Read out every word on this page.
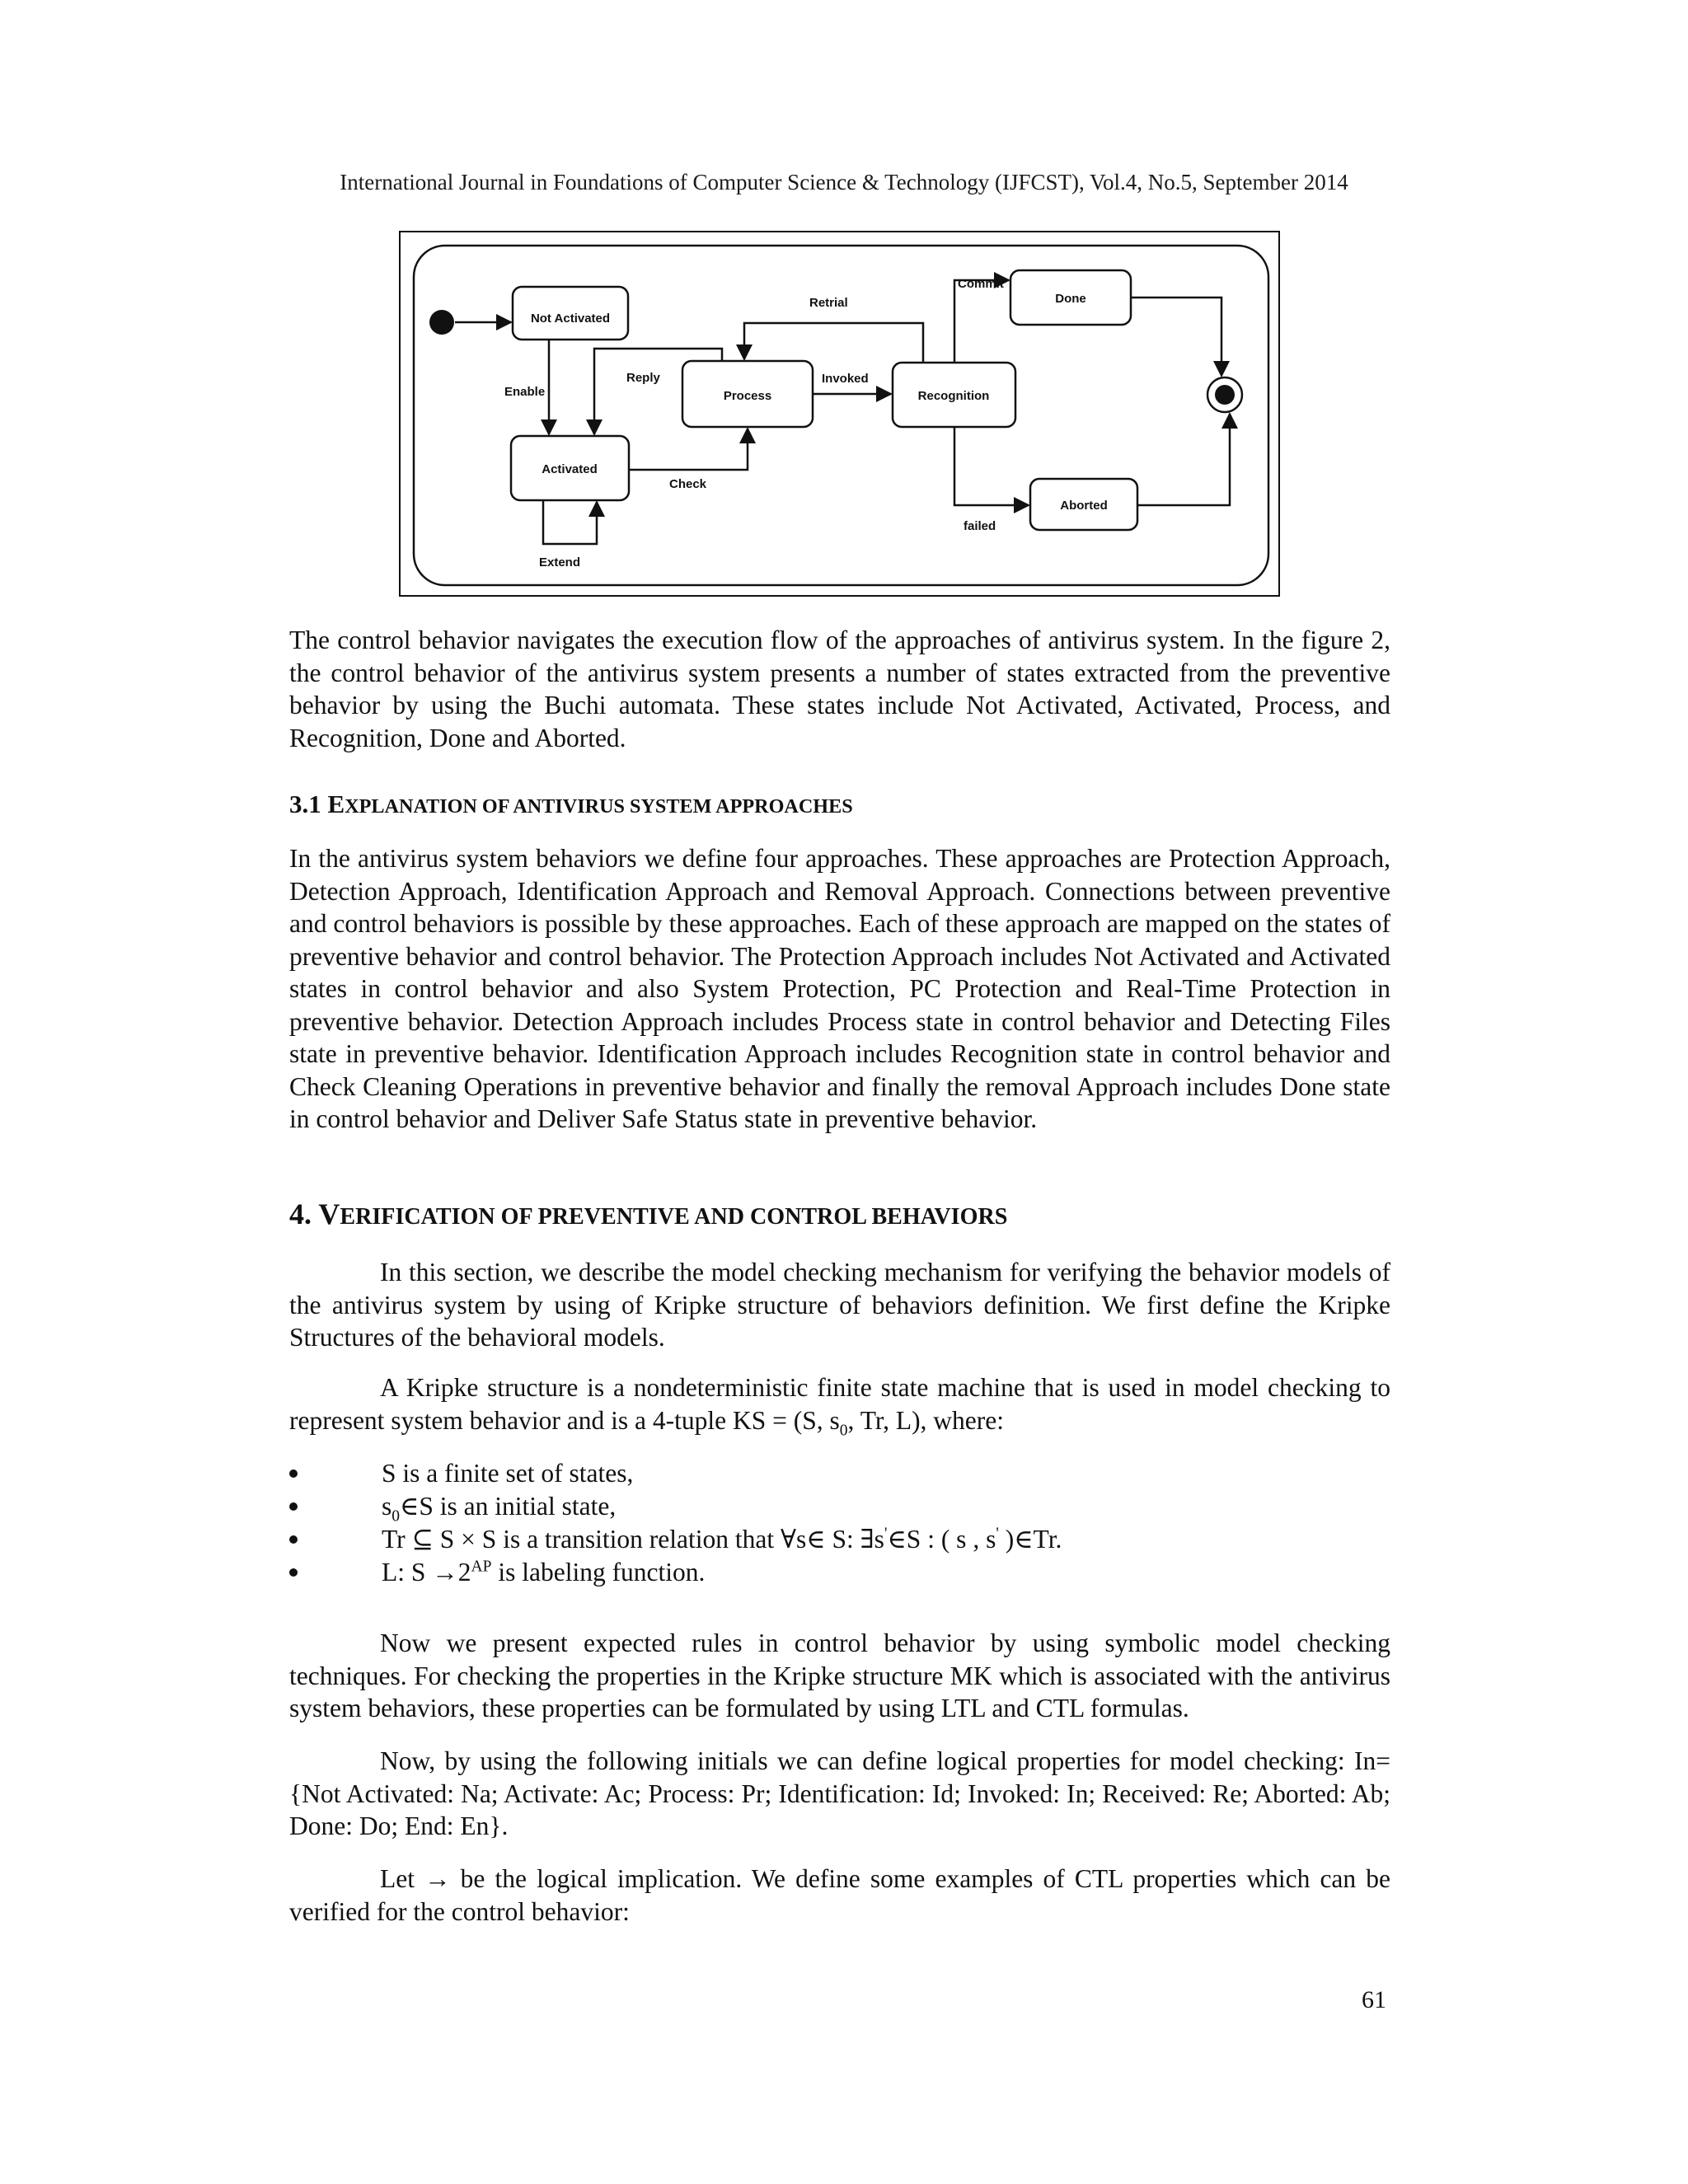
International Journal in Foundations of Computer Science & Technology (IJFCST), Vol.4, No.5, September 2014
Not Activated
Activated
Process	Recognition
Done
Aborted
Enable
Reply
Check
Extend
Invoked
Retrial
Commit
failed

The control behavior navigates the execution flow of the approaches of antivirus system. In the figure 2, the control behavior of the antivirus system presents a number of states extracted from the preventive behavior by using the Buchi automata. These states include Not Activated, Activated, Process, and Recognition, Done and Aborted.

3.1 EXPLANATION OF ANTIVIRUS SYSTEM APPROACHES

In the antivirus system behaviors we define four approaches. These approaches are Protection Approach, Detection Approach, Identification Approach and Removal Approach. Connections between preventive and control behaviors is possible by these approaches. Each of these approach are mapped on the states of preventive behavior and control behavior. The Protection Approach includes Not Activated and Activated states in control behavior and also System Protection, PC Protection and Real-Time Protection in preventive behavior. Detection Approach includes Process state in control behavior and Detecting Files state in preventive behavior. Identification Approach includes Recognition state in control behavior and Check Cleaning Operations in preventive behavior and finally the removal Approach includes Done state in control behavior and Deliver Safe Status state in preventive behavior.

4. VERIFICATION OF PREVENTIVE AND CONTROL BEHAVIORS

In this section, we describe the model checking mechanism for verifying the behavior models of the antivirus system by using of Kripke structure of behaviors definition. We first define the Kripke Structures of the behavioral models.

A Kripke structure is a nondeterministic finite state machine that is used in model checking to represent system behavior and is a 4-tuple KS = (S, $s_0$, Tr, L), where:

S is a finite set of states,
$s_0\in S$ is an initial state,
Tr ⊆ S × S is a transition relation that ∀s∈ S: ∃s'∈S : ( s , s' )∈Tr.
L: $S \to 2^{AP}$ is labeling function.

Now we present expected rules in control behavior by using symbolic model checking techniques. For checking the properties in the Kripke structure MK which is associated with the antivirus system behaviors, these properties can be formulated by using LTL and CTL formulas.

Now, by using the following initials we can define logical properties for model checking: In= {Not Activated: Na; Activate: Ac; Process: Pr; Identification: Id; Invoked: In; Received: Re; Aborted: Ab; Done: Do; End: En}.

Let → be the logical implication. We define some examples of CTL properties which can be verified for the control behavior:

61
